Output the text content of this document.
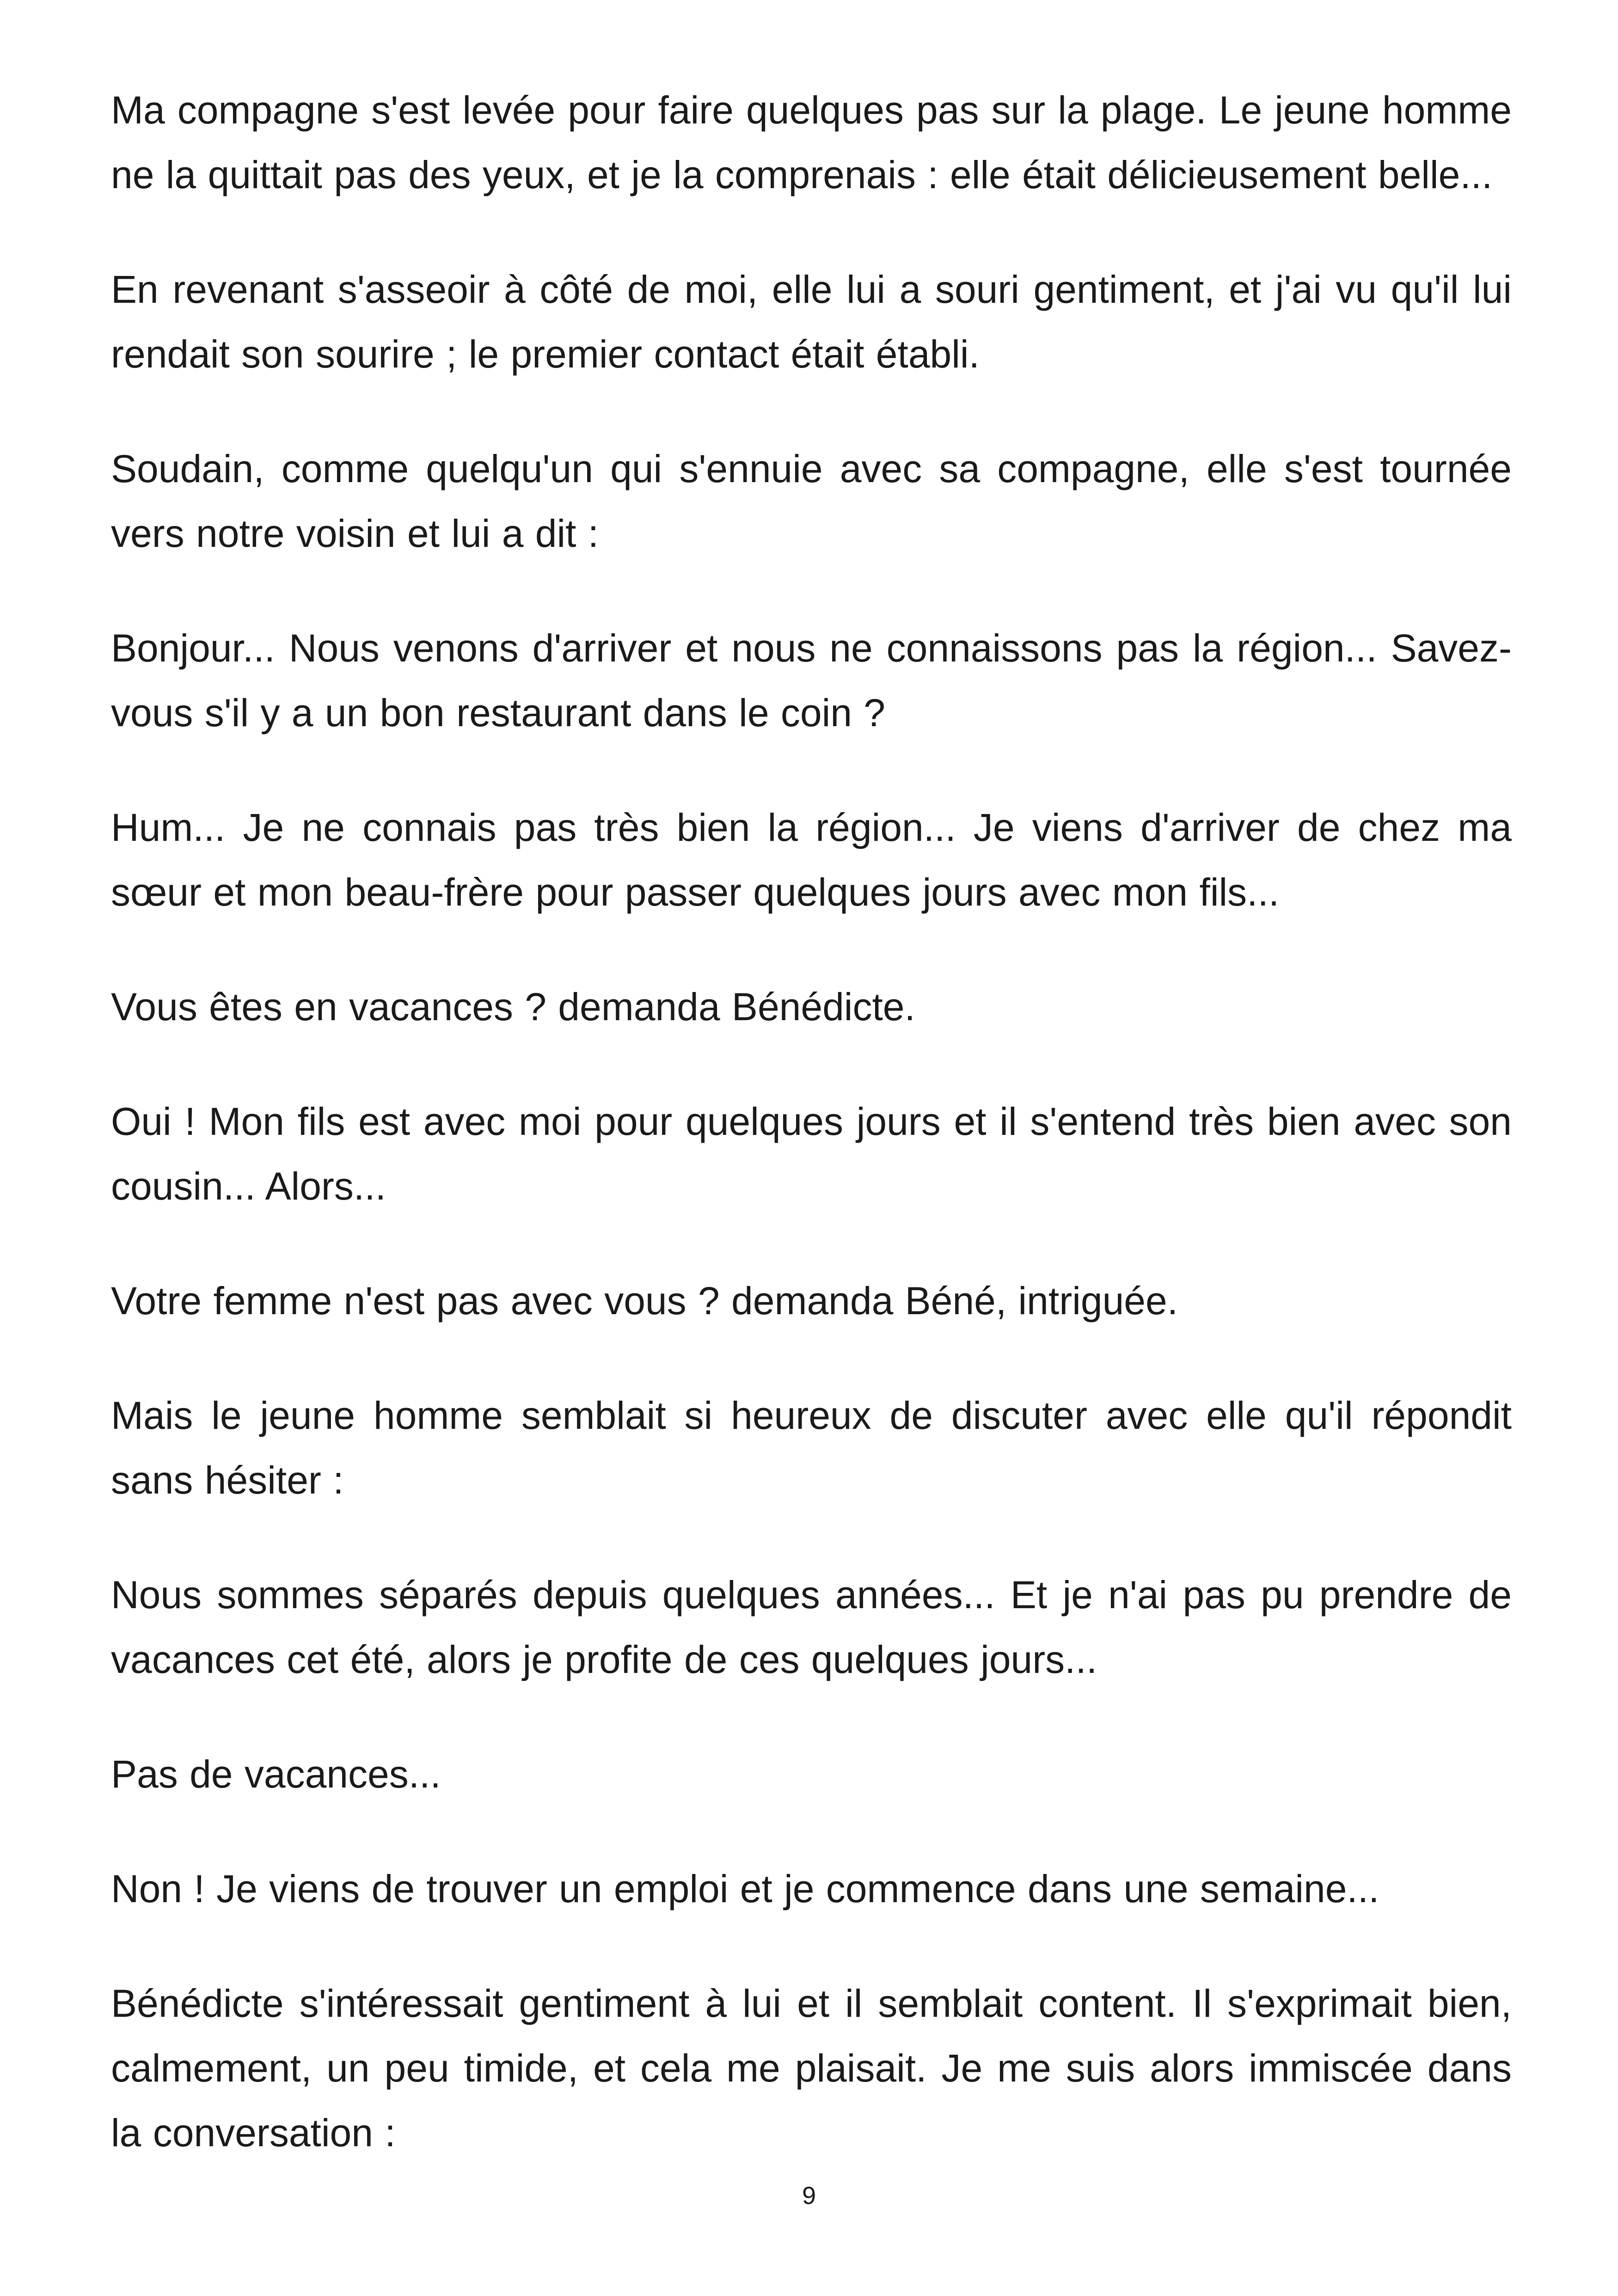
Ma compagne s'est levée pour faire quelques pas sur la plage. Le jeune homme ne la quittait pas des yeux, et je la comprenais : elle était délicieusement belle...

En revenant s'asseoir à côté de moi, elle lui a souri gentiment, et j'ai vu qu'il lui rendait son sourire ; le premier contact était établi.

Soudain, comme quelqu'un qui s'ennuie avec sa compagne, elle s'est tournée vers notre voisin et lui a dit :

Bonjour... Nous venons d'arriver et nous ne connaissons pas la région... Savez-vous s'il y a un bon restaurant dans le coin ?

Hum... Je ne connais pas très bien la région... Je viens d'arriver de chez ma sœur et mon beau-frère pour passer quelques jours avec mon fils...

Vous êtes en vacances ? demanda Bénédicte.

Oui ! Mon fils est avec moi pour quelques jours et il s'entend très bien avec son cousin... Alors...

Votre femme n'est pas avec vous ? demanda Béné, intriguée.

Mais le jeune homme semblait si heureux de discuter avec elle qu'il répondit sans hésiter :

Nous sommes séparés depuis quelques années... Et je n'ai pas pu prendre de vacances cet été, alors je profite de ces quelques jours...

Pas de vacances...

Non ! Je viens de trouver un emploi et je commence dans une semaine...

Bénédicte s'intéressait gentiment à lui et il semblait content. Il s'exprimait bien, calmement, un peu timide, et cela me plaisait. Je me suis alors immiscée dans la conversation :

9
